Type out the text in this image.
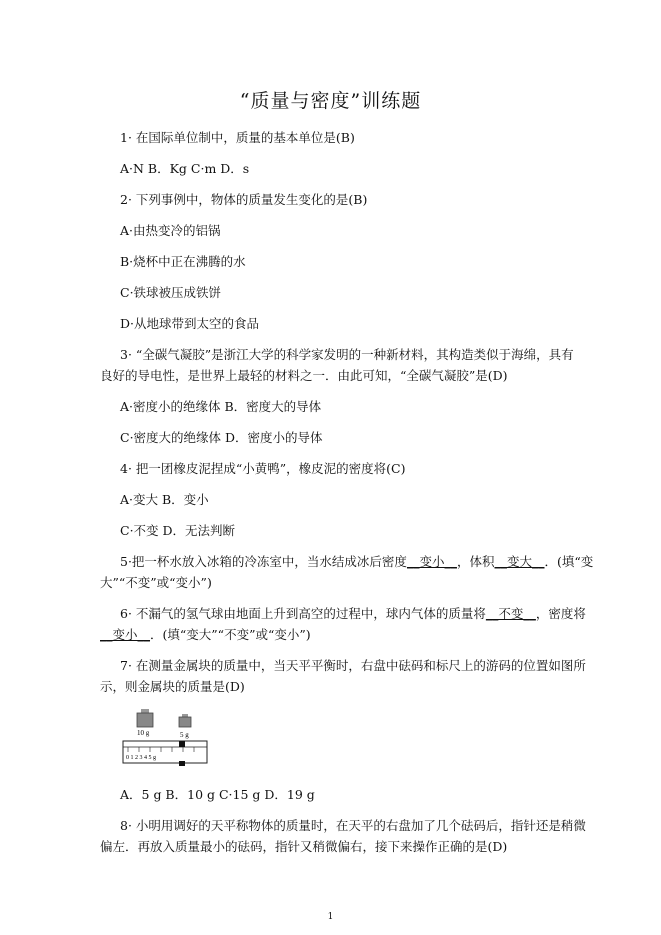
“质量与密度”训练题
1· 在国际单位制中，质量的基本单位是(B)
A·N B．Kg C·m D．s
2· 下列事例中，物体的质量发生变化的是(B)
A·由热变冷的铝锅
B·烧杯中正在沸腾的水
C·铁球被压成铁饼
D·从地球带到太空的食品
3· “全碳气凝胶”是浙江大学的科学家发明的一种新材料，其构造类似于海绵，具有
良好的导电性，是世界上最轻的材料之一．由此可知，“全碳气凝胶”是(D)
A·密度小的绝缘体 B．密度大的导体
C·密度大的绝缘体 D．密度小的导体
4· 把一团橡皮泥捏成“小黄鸭”，橡皮泥的密度将(C)
A·变大 B．变小
C·不变 D．无法判断
5·把一杯水放入冰箱的冷冻室中，当水结成冰后密度__变小__，体积__变大__．(填“变
大”“不变”或“变小”)
6· 不漏气的氢气球由地面上升到高空的过程中，球内气体的质量将__不变__，密度将
__变小__．(填“变大”“不变”或“变小”)
7· 在测量金属块的质量中，当天平平衡时，右盘中砝码和标尺上的游码的位置如图所
示，则金属块的质量是(D)
10 g	5 g
0 1 2 3 4 5 g
A．5 g B．10 g C·15 g D．19 g
8· 小明用调好的天平称物体的质量时，在天平的右盘加了几个砝码后，指针还是稍微
偏左．再放入质量最小的砝码，指针又稍微偏右，接下来操作正确的是(D)
1
